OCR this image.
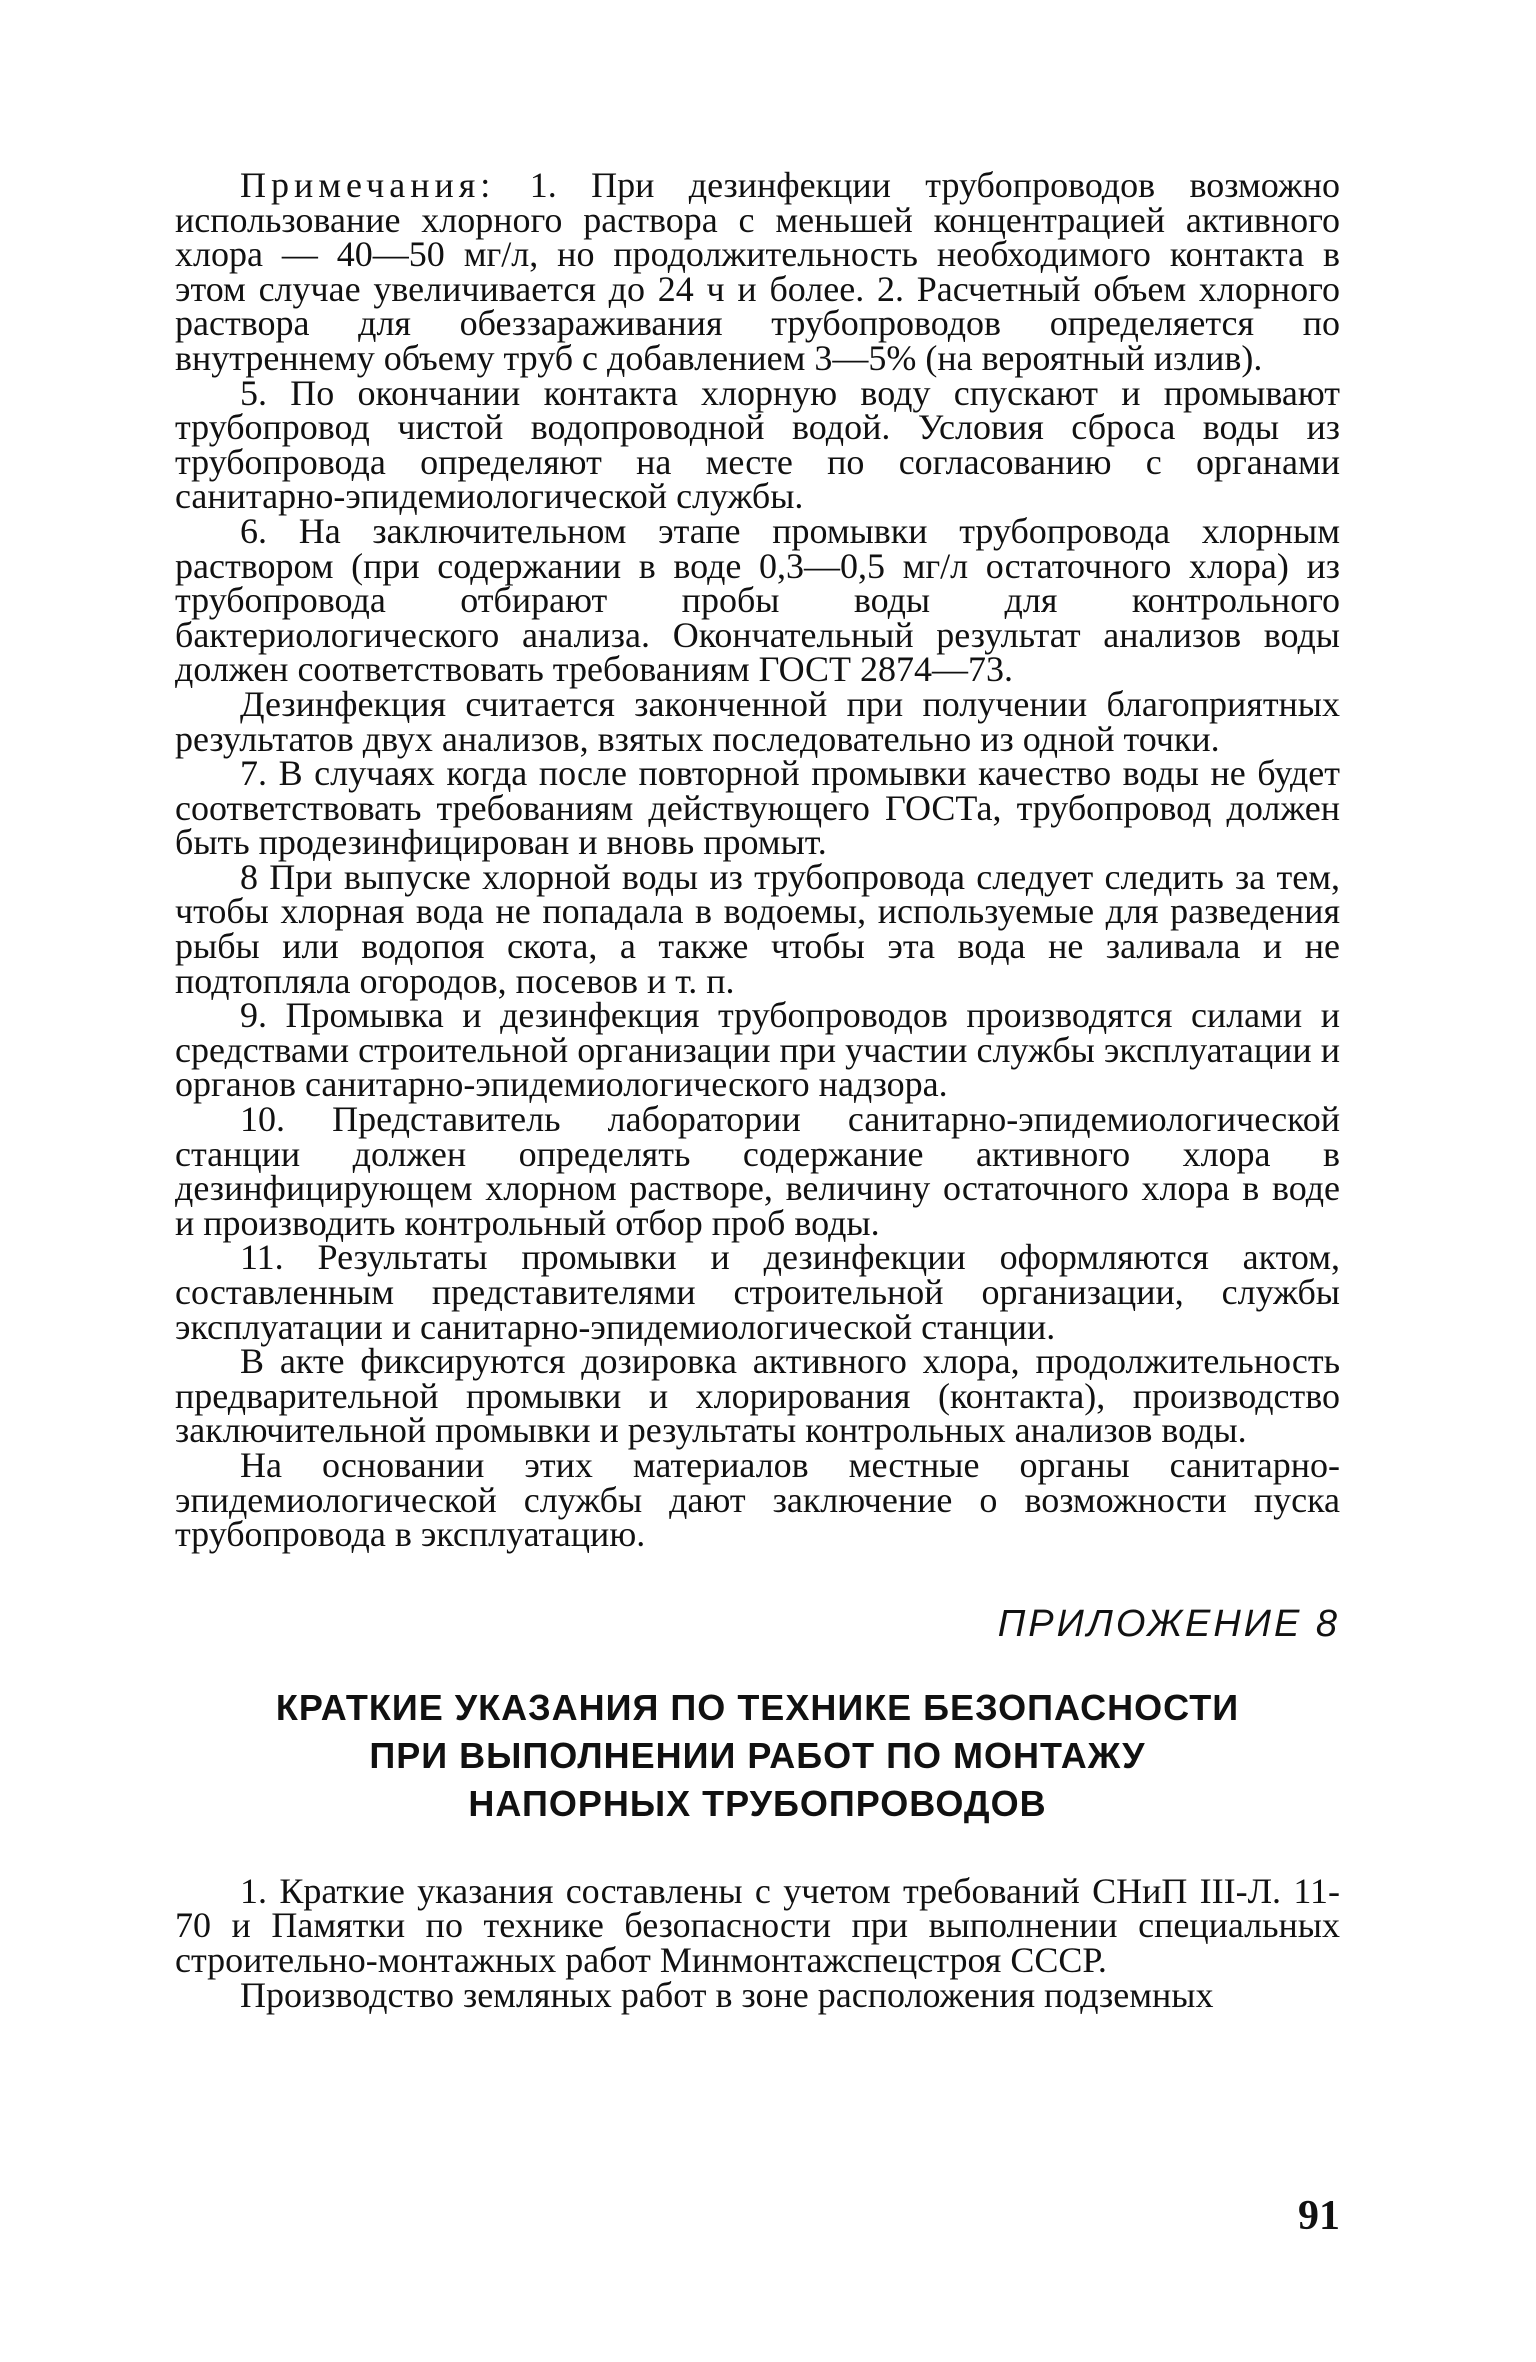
Примечания: 1. При дезинфекции трубопроводов возможно использование хлорного раствора с меньшей концентрацией активного хлора — 40—50 мг/л, но продолжительность необходимого контакта в этом случае увеличивается до 24 ч и более. 2. Расчетный объем хлорного раствора для обеззараживания трубопроводов определяется по внутреннему объему труб с добавлением 3—5% (на вероятный излив).

5. По окончании контакта хлорную воду спускают и промывают трубопровод чистой водопроводной водой. Условия сброса воды из трубопровода определяют на месте по согласованию с органами санитарно-эпидемиологической службы.

6. На заключительном этапе промывки трубопровода хлорным раствором (при содержании в воде 0,3—0,5 мг/л остаточного хлора) из трубопровода отбирают пробы воды для контрольного бактериологического анализа. Окончательный результат анализов воды должен соответствовать требованиям ГОСТ 2874—73.

Дезинфекция считается законченной при получении благоприятных результатов двух анализов, взятых последовательно из одной точки.

7. В случаях когда после повторной промывки качество воды не будет соответствовать требованиям действующего ГОСТа, трубопровод должен быть продезинфицирован и вновь промыт.

8 При выпуске хлорной воды из трубопровода следует следить за тем, чтобы хлорная вода не попадала в водоемы, используемые для разведения рыбы или водопоя скота, а также чтобы эта вода не заливала и не подтопляла огородов, посевов и т. п.

9. Промывка и дезинфекция трубопроводов производятся силами и средствами строительной организации при участии службы эксплуатации и органов санитарно-эпидемиологического надзора.

10. Представитель лаборатории санитарно-эпидемиологической станции должен определять содержание активного хлора в дезинфицирующем хлорном растворе, величину остаточного хлора в воде и производить контрольный отбор проб воды.

11. Результаты промывки и дезинфекции оформляются актом, составленным представителями строительной организации, службы эксплуатации и санитарно-эпидемиологической станции.

В акте фиксируются дозировка активного хлора, продолжительность предварительной промывки и хлорирования (контакта), производство заключительной промывки и результаты контрольных анализов воды.

На основании этих материалов местные органы санитарно-эпидемиологической службы дают заключение о возможности пуска трубопровода в эксплуатацию.

ПРИЛОЖЕНИЕ 8
КРАТКИЕ УКАЗАНИЯ ПО ТЕХНИКЕ БЕЗОПАСНОСТИ
ПРИ ВЫПОЛНЕНИИ РАБОТ ПО МОНТАЖУ
НАПОРНЫХ ТРУБОПРОВОДОВ

1. Краткие указания составлены с учетом требований СНиП III-Л. 11-70 и Памятки по технике безопасности при выполнении специальных строительно-монтажных работ Минмонтажспецстроя СССР.

Производство земляных работ в зоне расположения подземных

91
